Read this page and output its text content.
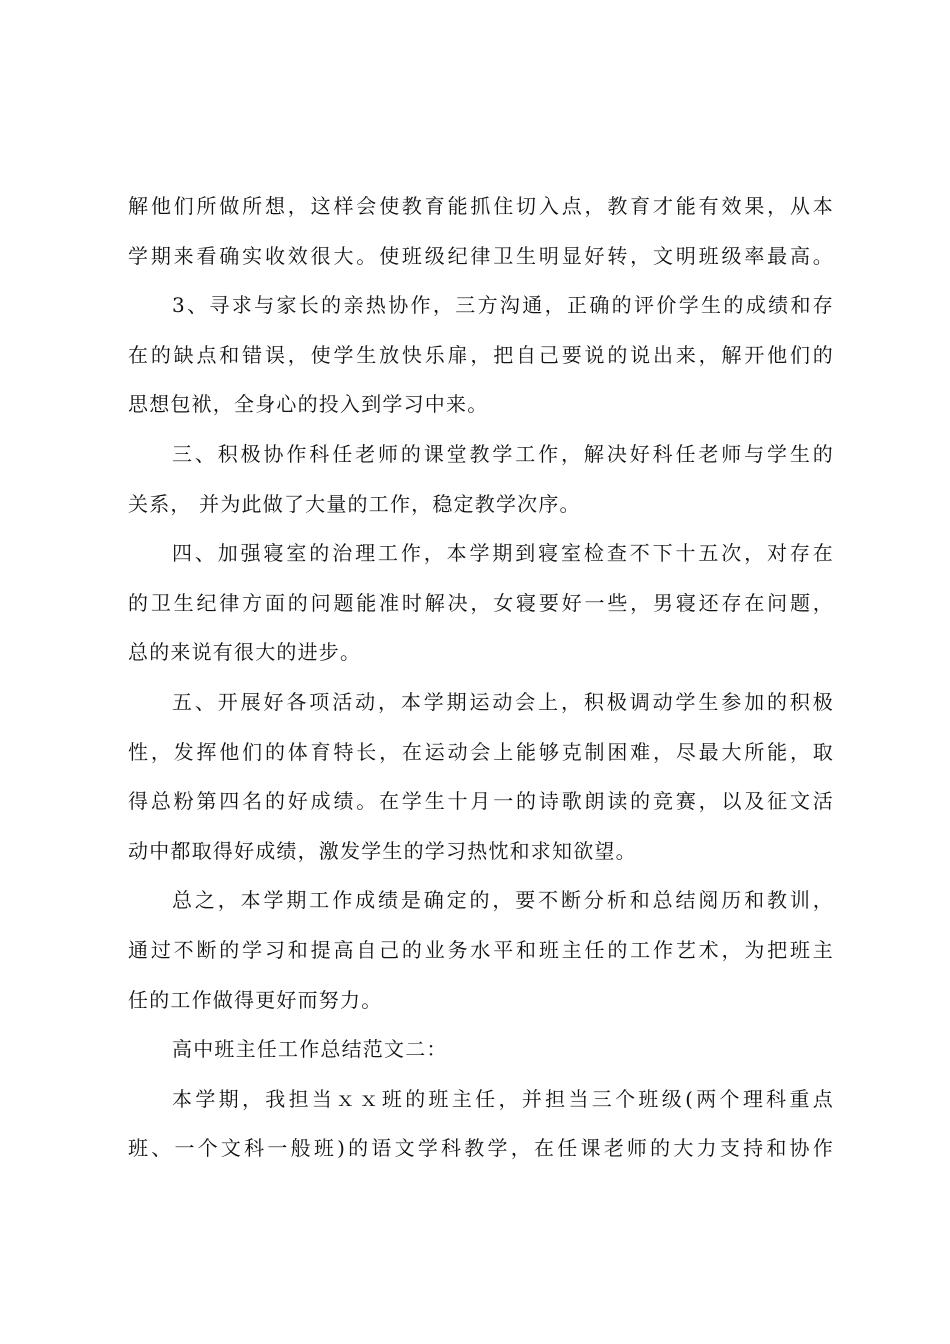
解他们所做所想，这样会使教育能抓住切入点，教育才能有效果，从本
学期来看确实收效很大。使班级纪律卫生明显好转，文明班级率最高。
3、寻求与家长的亲热协作，三方沟通，正确的评价学生的成绩和存
在的缺点和错误，使学生放快乐扉，把自己要说的说出来，解开他们的
思想包袱，全身心的投入到学习中来。
三、积极协作科任老师的课堂教学工作，解决好科任老师与学生的
关系， 并为此做了大量的工作，稳定教学次序。
四、加强寝室的治理工作，本学期到寝室检查不下十五次，对存在
的卫生纪律方面的问题能准时解决，女寝要好一些，男寝还存在问题，
总的来说有很大的进步。
五、开展好各项活动，本学期运动会上，积极调动学生参加的积极
性，发挥他们的体育特长，在运动会上能够克制困难，尽最大所能，取
得总粉第四名的好成绩。在学生十月一的诗歌朗读的竞赛，以及征文活
动中都取得好成绩，激发学生的学习热忱和求知欲望。
总之，本学期工作成绩是确定的，要不断分析和总结阅历和教训，
通过不断的学习和提高自己的业务水平和班主任的工作艺术，为把班主
任的工作做得更好而努力。
高中班主任工作总结范文二：
本学期，我担当ｘｘ班的班主任，并担当三个班级(两个理科重点
班、一个文科一般班)的语文学科教学，在任课老师的大力支持和协作
